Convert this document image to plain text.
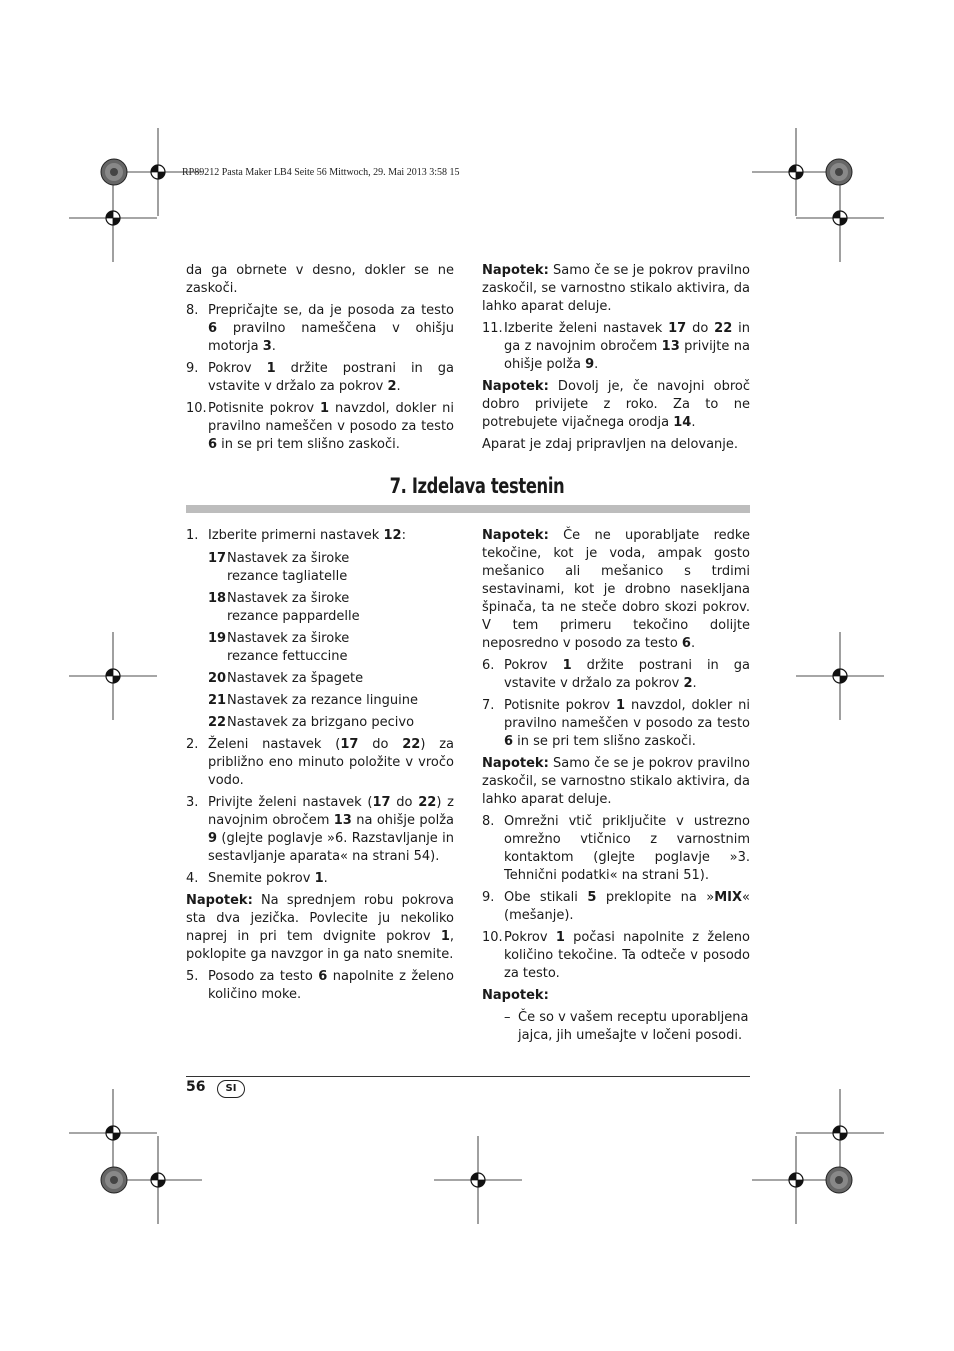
RP89212 Pasta Maker LB4 Seite 56 Mittwoch, 29. Mai 2013 3:58 15

da ga obrnete v desno, dokler se ne zaskoči.

8. Prepričajte se, da je posoda za testo 6 pravilno nameščena v ohišju motorja 3.
9. Pokrov 1 držite postrani in ga vstavite v držalo za pokrov 2.
10. Potisnite pokrov 1 navzdol, dokler ni pravilno nameščen v posodo za testo 6 in se pri tem slišno zaskoči.

Napotek: Samo če se je pokrov pravilno zaskočil, se varnostno stikalo aktivira, da lahko aparat deluje.

11. Izberite želeni nastavek 17 do 22 in ga z navojnim obročem 13 privijte na ohišje polža 9.

Napotek: Dovolj je, če navojni obroč dobro privijete z roko. Za to ne potrebujete vijačnega orodja 14.

Aparat je zdaj pripravljen na delovanje.

7. Izdelava testenin
1. Izberite primerni nastavek 12:
17 Nastavek za široke rezance tagliatelle
18 Nastavek za široke rezance pappardelle
19 Nastavek za široke rezance fettuccine
20 Nastavek za špagete
21 Nastavek za rezance linguine
22 Nastavek za brizgano pecivo
2. Želeni nastavek (17 do 22) za približno eno minuto položite v vročo vodo.
3. Privijte želeni nastavek (17 do 22) z navojnim obročem 13 na ohišje polža 9 (glejte poglavje »6. Razstavljanje in sestavljanje aparata« na strani 54).
4. Snemite pokrov 1.

Napotek: Na sprednjem robu pokrova sta dva jezička. Povlecite ju nekoliko naprej in pri tem dvignite pokrov 1, poklopite ga navzgor in ga nato snemite.

5. Posodo za testo 6 napolnite z želeno količino moke.

Napotek: Če ne uporabljate redke tekočine, kot je voda, ampak gosto mešanico ali mešanico s trdimi sestavinami, kot je drobno nasekljana špinača, ta ne steče dobro skozi pokrov. V tem primeru tekočino dolijte neposredno v posodo za testo 6.

6. Pokrov 1 držite postrani in ga vstavite v držalo za pokrov 2.
7. Potisnite pokrov 1 navzdol, dokler ni pravilno nameščen v posodo za testo 6 in se pri tem slišno zaskoči.

Napotek: Samo če se je pokrov pravilno zaskočil, se varnostno stikalo aktivira, da lahko aparat deluje.

8. Omrežni vtič priključite v ustrezno omrežno vtičnico z varnostnim kontaktom (glejte poglavje »3. Tehnični podatki« na strani 51).
9. Obe stikali 5 preklopite na »MIX« (mešanje).
10. Pokrov 1 počasi napolnite z želeno količino tekočine. Ta odteče v posodo za testo.

Napotek:

– Če so v vašem receptu uporabljena jajca, jih umešajte v ločeni posodi.
56	SI
